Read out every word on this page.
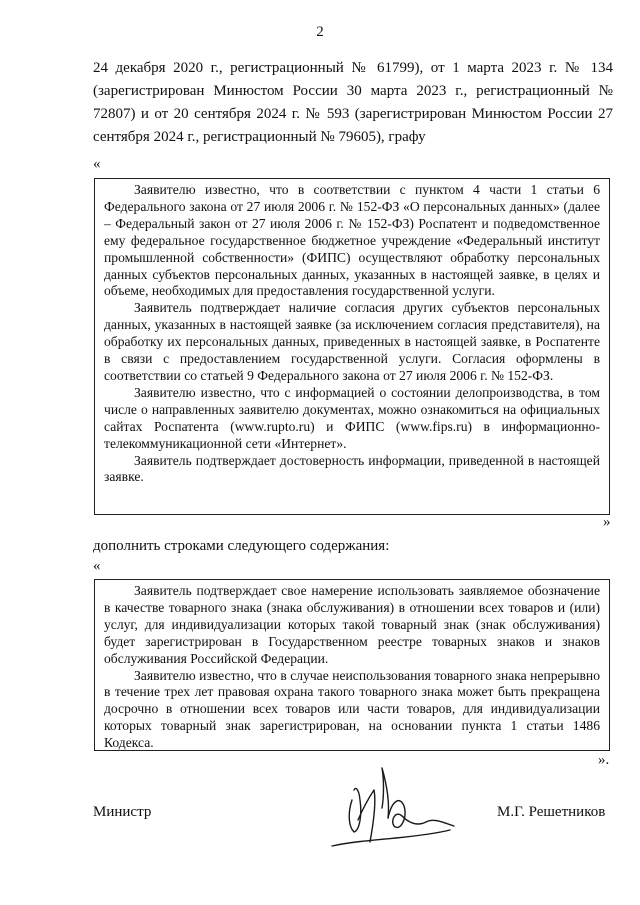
2
24 декабря 2020 г., регистрационный № 61799), от 1 марта 2023 г. № 134 (зарегистрирован Минюстом России 30 марта 2023 г., регистрационный № 72807) и от 20 сентября 2024 г. № 593 (зарегистрирован Минюстом России 27 сентября 2024 г., регистрационный № 79605), графу
«

Заявителю известно, что в соответствии с пунктом 4 части 1 статьи 6 Федерального закона от 27 июля 2006 г. № 152-ФЗ «О персональных данных» (далее – Федеральный закон от 27 июля 2006 г. № 152-ФЗ) Роспатент и подведомственное ему федеральное государственное бюджетное учреждение «Федеральный институт промышленной собственности» (ФИПС) осуществляют обработку персональных данных субъектов персональных данных, указанных в настоящей заявке, в целях и объеме, необходимых для предоставления государственной услуги.

Заявитель подтверждает наличие согласия других субъектов персональных данных, указанных в настоящей заявке (за исключением согласия представителя), на обработку их персональных данных, приведенных в настоящей заявке, в Роспатенте в связи с предоставлением государственной услуги. Согласия оформлены в соответствии со статьей 9 Федерального закона от 27 июля 2006 г. № 152-ФЗ.

Заявителю известно, что с информацией о состоянии делопроизводства, в том числе о направленных заявителю документах, можно ознакомиться на официальных сайтах Роспатента (www.rupto.ru) и ФИПС (www.fips.ru) в информационно-телекоммуникационной сети «Интернет».

Заявитель подтверждает достоверность информации, приведенной в настоящей заявке.

»
дополнить строками следующего содержания:
«

Заявитель подтверждает свое намерение использовать заявляемое обозначение в качестве товарного знака (знака обслуживания) в отношении всех товаров и (или) услуг, для индивидуализации которых такой товарный знак (знак обслуживания) будет зарегистрирован в Государственном реестре товарных знаков и знаков обслуживания Российской Федерации.

Заявителю известно, что в случае неиспользования товарного знака непрерывно в течение трех лет правовая охрана такого товарного знака может быть прекращена досрочно в отношении всех товаров или части товаров, для индивидуализации которых товарный знак зарегистрирован, на основании пункта 1 статьи 1486 Кодекса.

».
Министр	М.Г. Решетников
